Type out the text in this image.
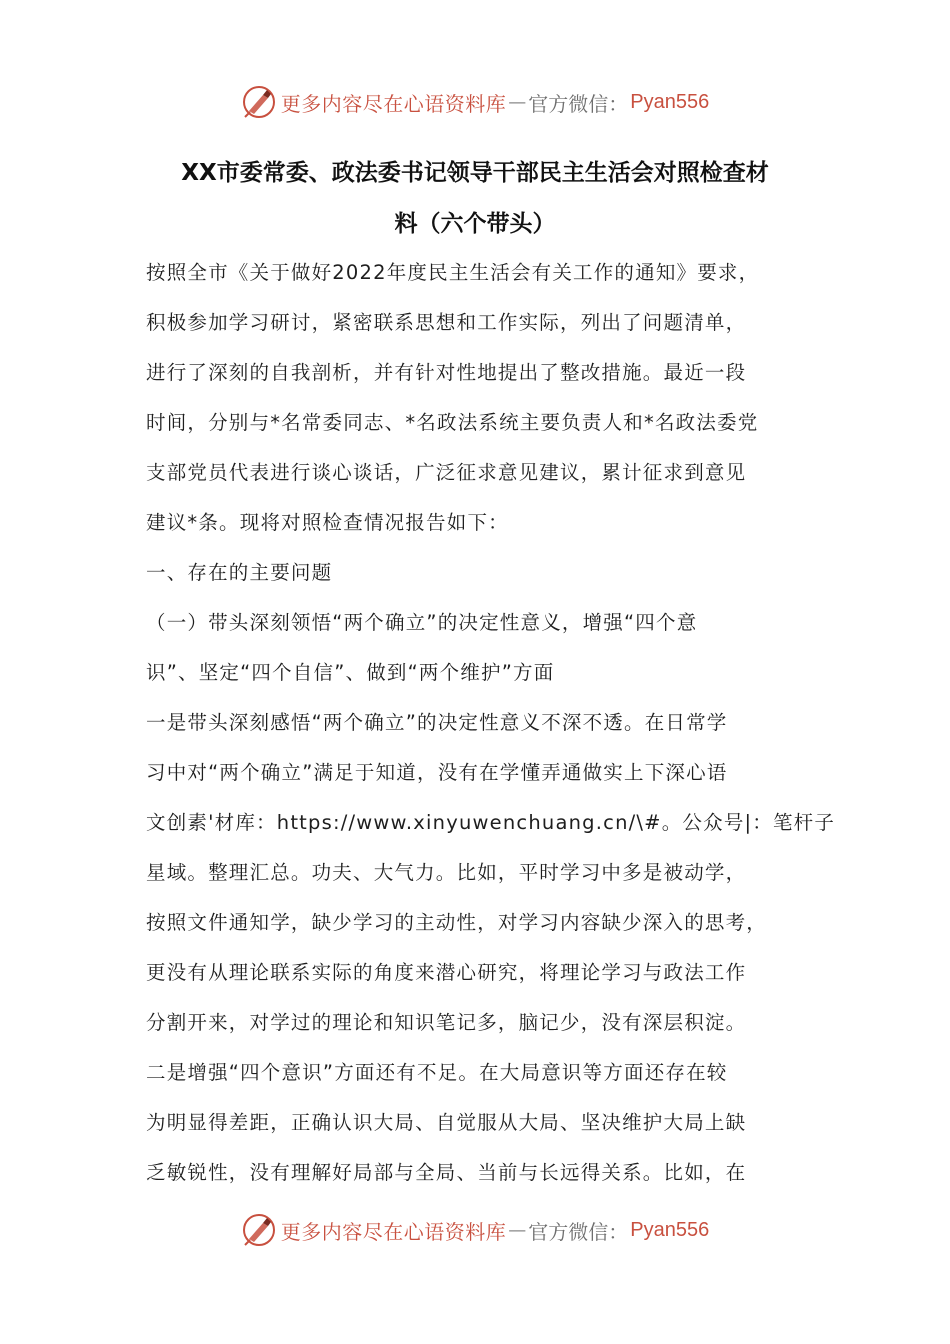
更多内容尽在心语资料库 — 官方微信： Pyan556
XX市委常委、政法委书记领导干部民主生活会对照检查材
料（六个带头）
按照全市《关于做好2022年度民主生活会有关工作的通知》要求，
积极参加学习研讨，紧密联系思想和工作实际，列出了问题清单，
进行了深刻的自我剖析，并有针对性地提出了整改措施。最近一段
时间，分别与*名常委同志、*名政法系统主要负责人和*名政法委党
支部党员代表进行谈心谈话，广泛征求意见建议，累计征求到意见
建议*条。现将对照检查情况报告如下：
一、存在的主要问题
（一）带头深刻领悟“两个确立”的决定性意义，增强“四个意
识”、坚定“四个自信”、做到“两个维护”方面
一是带头深刻感悟“两个确立”的决定性意义不深不透。在日常学
习中对“两个确立”满足于知道，没有在学懂弄通做实上下深心语
文创素'材库：https://www.xinyuwenchuang.cn/\#。公众号|：笔杆子
星域。整理汇总。功夫、大气力。比如，平时学习中多是被动学，
按照文件通知学，缺少学习的主动性，对学习内容缺少深入的思考，
更没有从理论联系实际的角度来潜心研究，将理论学习与政法工作
分割开来，对学过的理论和知识笔记多，脑记少，没有深层积淀。
二是增强“四个意识”方面还有不足。在大局意识等方面还存在较
为明显得差距，正确认识大局、自觉服从大局、坚决维护大局上缺
乏敏锐性，没有理解好局部与全局、当前与长远得关系。比如，在
更多内容尽在心语资料库 — 官方微信： Pyan556
